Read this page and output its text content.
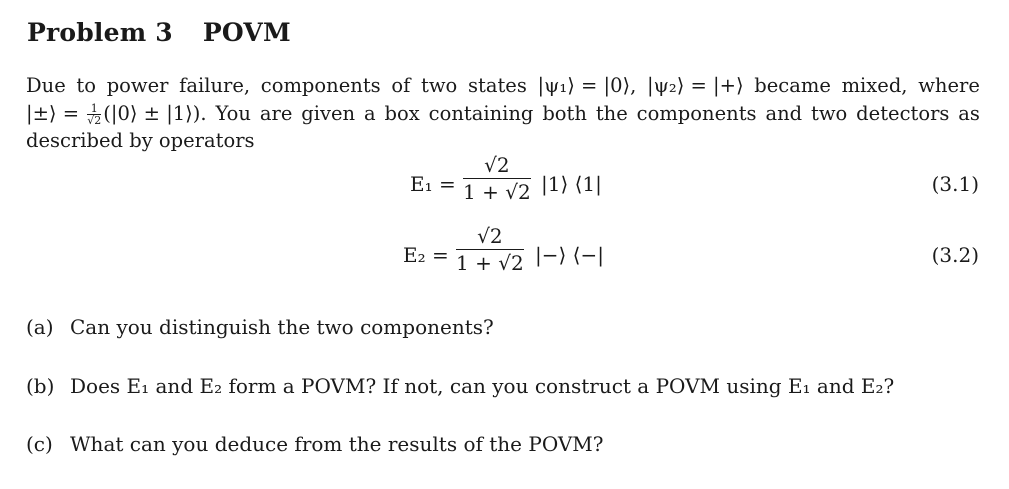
Problem 3 POVM
Due to power failure, components of two states |ψ₁⟩ = |0⟩, |ψ₂⟩ = |+⟩ became mixed, where
|±⟩ = $\frac{1}{√2}$ (|0⟩ ± |1⟩). You are given a box containing both the components and two detectors as
described by operators
$E_1 = \frac{√2}{1 + √2}$ |1⟩ ⟨1|	(3.1)
$E_2 = \frac{√2}{1 + √2}$ |−⟩ ⟨−|	(3.2)
(a) Can you distinguish the two components?
(b) Does E₁ and E₂ form a POVM? If not, can you construct a POVM using E₁ and E₂?
(c) What can you deduce from the results of the POVM?
